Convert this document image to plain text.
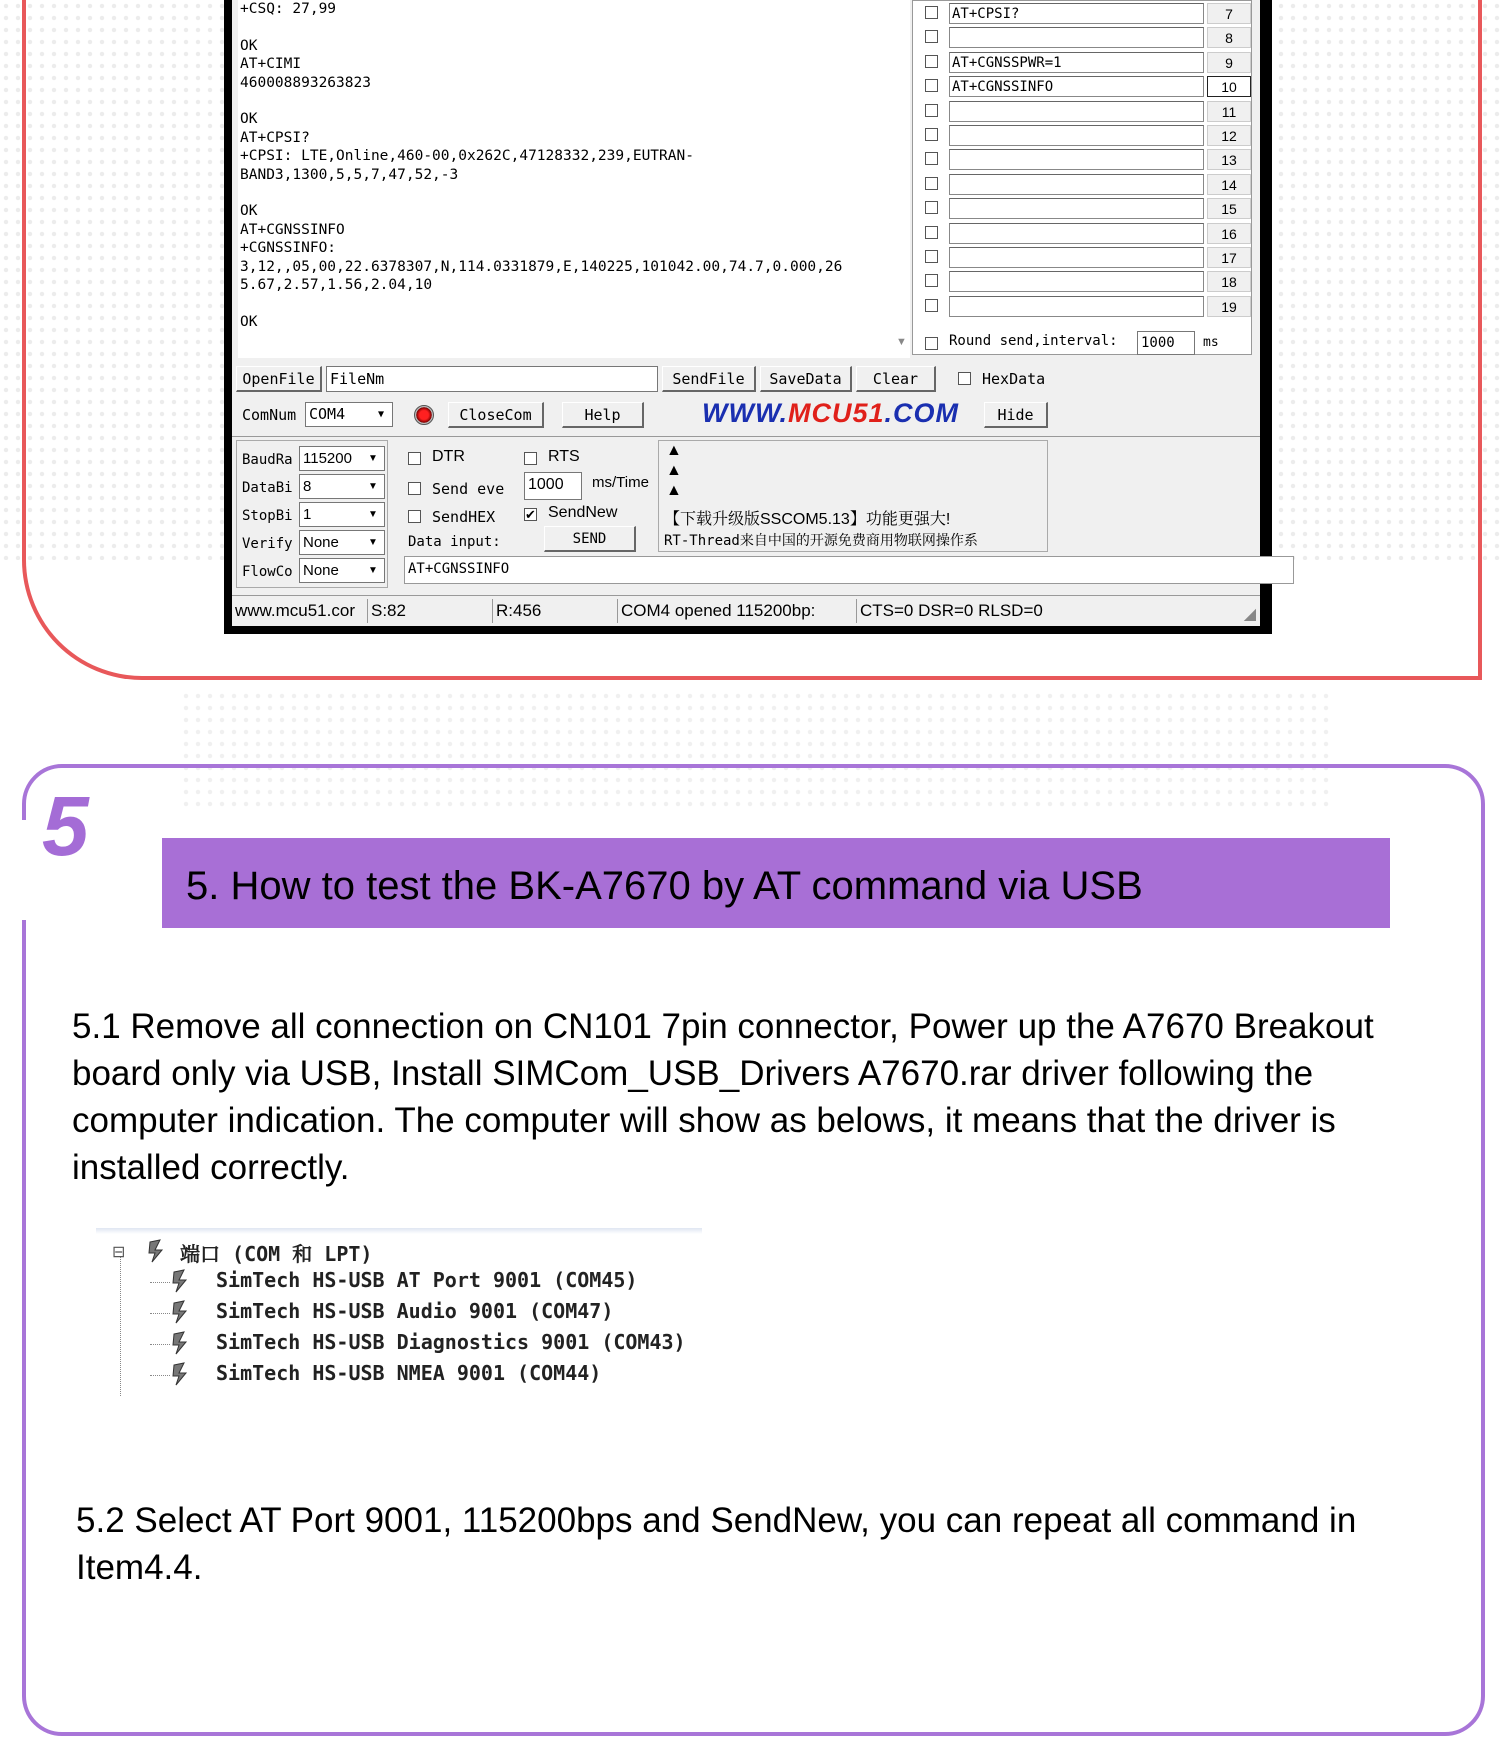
+CSQ: 27,99

OK
AT+CIMI
460008893263823

OK
AT+CPSI?
+CPSI: LTE,Online,460-00,0x262C,47128332,239,EUTRAN-
BAND3,1300,5,5,7,47,52,-3

OK
AT+CGNSSINFO
+CGNSSINFO:
3,12,,05,00,22.6378307,N,114.0331879,E,140225,101042.00,74.7,0.000,26
5.67,2.57,1.56,2.04,10

OK
▼	Round send,interval: 1000	ms
AT+CPSI?	7
8
AT+CGNSSPWR=1	9
AT+CGNSSINFO	10
11
12
13
14
15
16
17
18
19
OpenFile	FileNm	SendFile	SaveData	Clear	HexData
ComNum COM4	▼	CloseCom	Help	WWW.MCU51.COM	Hide
BaudRa 115200	▼
DataBi 8	▼
StopBi 1	▼
Verify None	▼
FlowCo None	▼
DTR	RTS
Send eve 1000	ms/Time
SendHEX ✔ SendNew
Data input:	SEND
AT+CGNSSINFO
▲
▲
▲
【下载升级版SSCOM5.13】功能更强大!
RT-Thread来自中国的开源免费商用物联网操作系
www.mcu51.cor S:82	R:456	COM4 opened 115200bp:	CTS=0 DSR=0 RLSD=0	◢
5
5. How to test the BK-A7670 by AT command via USB
5.1 Remove all connection on CN101 7pin connector, Power up the A7670 Breakout board only via USB, Install SIMCom_USB_Drivers A7670.rar driver following the computer indication. The computer will show as belows, it means that the driver is installed correctly.
⊟	端口 (COM 和 LPT)
SimTech HS-USB AT Port 9001 (COM45)
SimTech HS-USB Audio 9001 (COM47)
SimTech HS-USB Diagnostics 9001 (COM43)
SimTech HS-USB NMEA 9001 (COM44)
5.2 Select AT Port 9001, 115200bps and SendNew, you can repeat all command in Item4.4.
